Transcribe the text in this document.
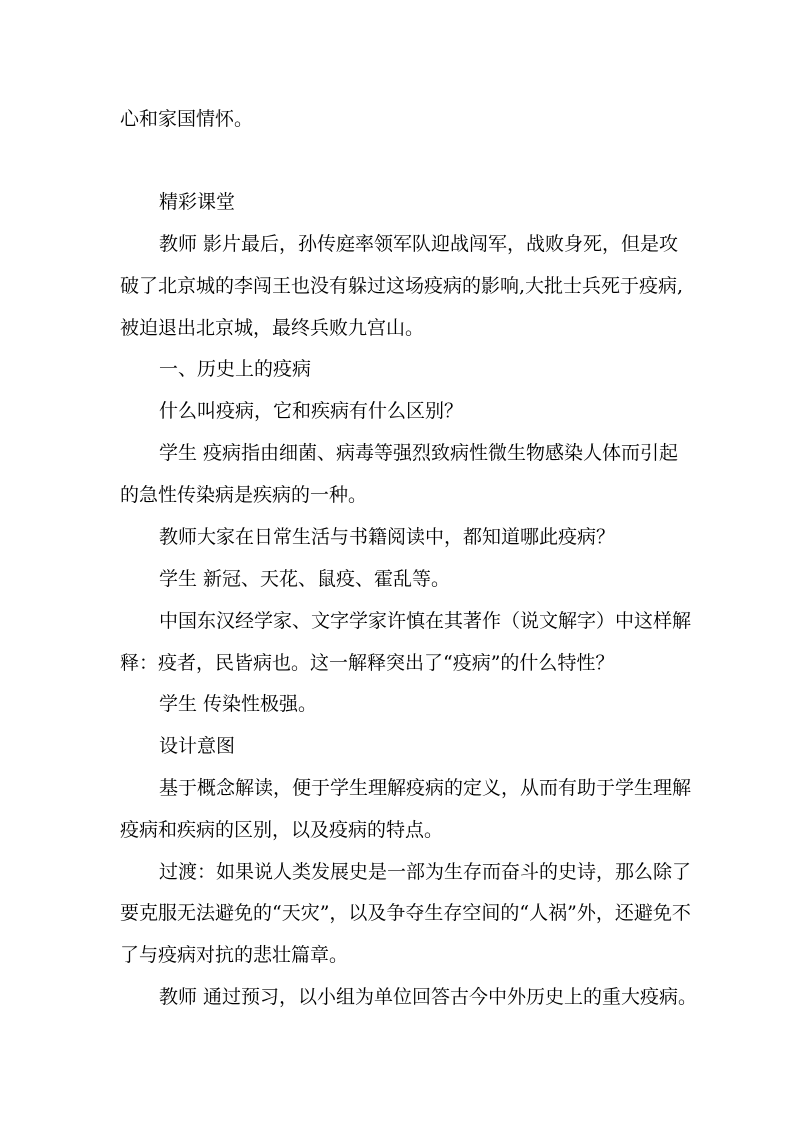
心和家国情怀。

精彩课堂

教师 影片最后，孙传庭率领军队迎战闯军，战败身死，但是攻

破了北京城的李闯王也没有躲过这场疫病的影响,大批士兵死于疫病,

被迫退出北京城，最终兵败九宫山。

一、历史上的疫病

什么叫疫病，它和疾病有什么区别？

学生 疫病指由细菌、病毒等强烈致病性微生物感染人体而引起

的急性传染病是疾病的一种。

教师大家在日常生活与书籍阅读中，都知道哪此疫病？

学生 新冠、天花、鼠疫、霍乱等。

中国东汉经学家、文字学家许慎在其著作（说文解字）中这样解

释：疫者，民皆病也。这一解释突出了“疫病”的什么特性？

学生 传染性极强。

设计意图

基于概念解读，便于学生理解疫病的定义，从而有助于学生理解

疫病和疾病的区别，以及疫病的特点。

过渡：如果说人类发展史是一部为生存而奋斗的史诗，那么除了

要克服无法避免的“天灾”，以及争夺生存空间的“人祸”外，还避免不

了与疫病对抗的悲壮篇章。

教师 通过预习，以小组为单位回答古今中外历史上的重大疫病。
